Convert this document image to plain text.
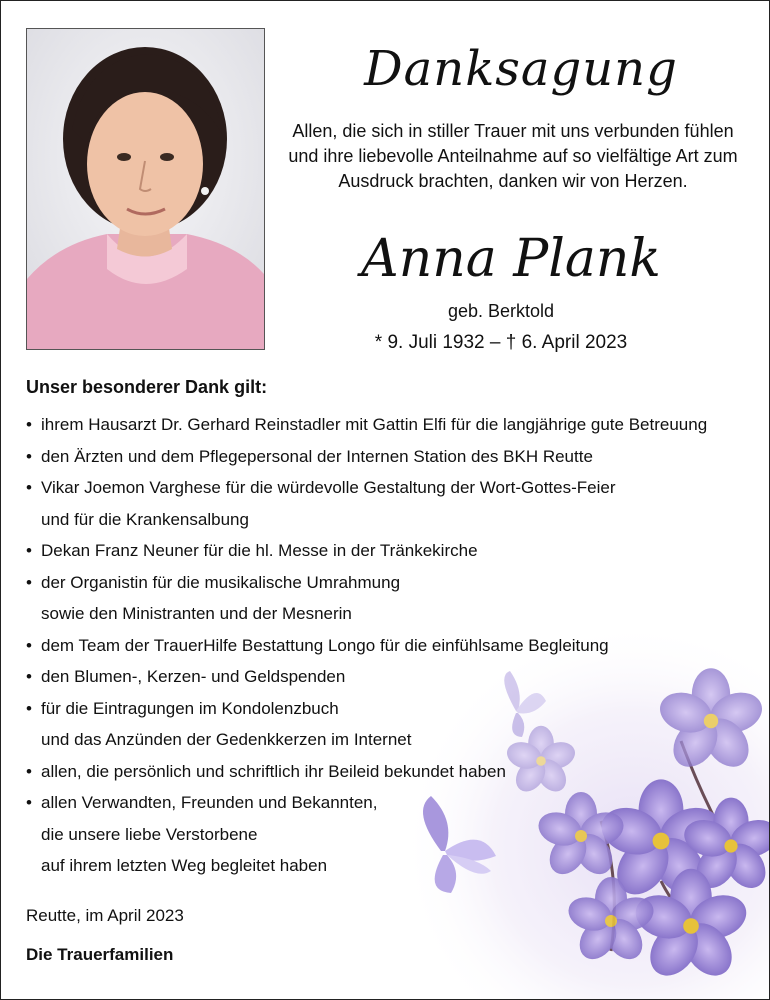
Danksagung
Allen, die sich in stiller Trauer mit uns verbunden fühlen
und ihre liebevolle Anteilnahme auf so vielfältige Art zum
Ausdruck brachten, danken wir von Herzen.
Anna Plank
geb. Berktold
* 9. Juli 1932 – † 6. April 2023
Unser besonderer Dank gilt:
• ihrem Hausarzt Dr. Gerhard Reinstadler mit Gattin Elfi für die langjährige gute Betreuung
• den Ärzten und dem Pflegepersonal der Internen Station des BKH Reutte
• Vikar Joemon Varghese für die würdevolle Gestaltung der Wort-Gottes-Feier
und für die Krankensalbung
• Dekan Franz Neuner für die hl. Messe in der Tränkekirche
• der Organistin für die musikalische Umrahmung
sowie den Ministranten und der Mesnerin
• dem Team der TrauerHilfe Bestattung Longo für die einfühlsame Begleitung
• den Blumen-, Kerzen- und Geldspenden
• für die Eintragungen im Kondolenzbuch
und das Anzünden der Gedenkkerzen im Internet
• allen, die persönlich und schriftlich ihr Beileid bekundet haben
• allen Verwandten, Freunden und Bekannten,
die unsere liebe Verstorbene
auf ihrem letzten Weg begleitet haben
Reutte, im April 2023
Die Trauerfamilien
